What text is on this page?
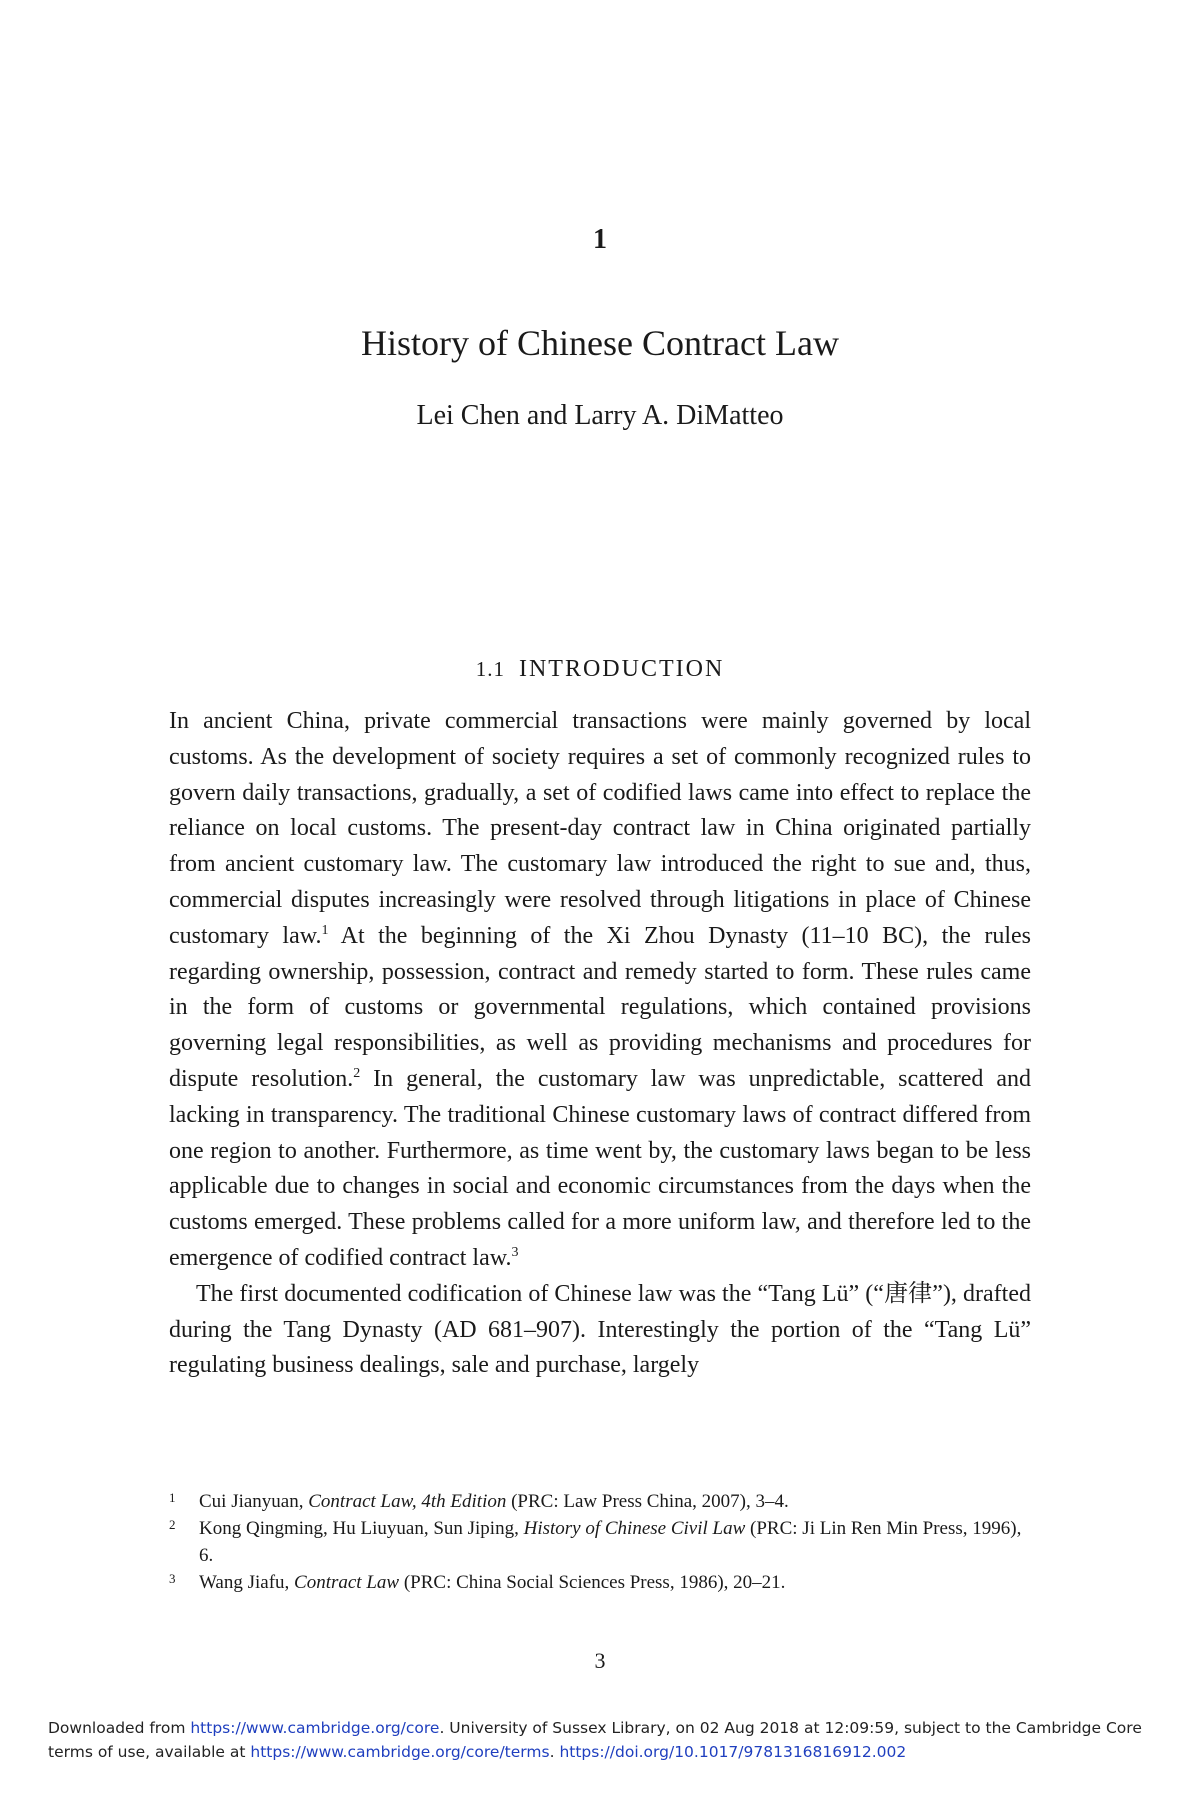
1
History of Chinese Contract Law
Lei Chen and Larry A. DiMatteo
1.1 INTRODUCTION

In ancient China, private commercial transactions were mainly governed by local customs. As the development of society requires a set of commonly recognized rules to govern daily transactions, gradually, a set of codified laws came into effect to replace the reliance on local customs. The present-day contract law in China originated partially from ancient customary law. The customary law introduced the right to sue and, thus, commercial disputes increasingly were resolved through litigations in place of Chinese customary law.$^1$ At the beginning of the Xi Zhou Dynasty (11–10 BC), the rules regarding ownership, possession, contract and remedy started to form. These rules came in the form of customs or governmental regulations, which contained provisions governing legal responsibilities, as well as providing mechanisms and procedures for dispute resolution.$^2$ In general, the customary law was unpredictable, scattered and lacking in transparency. The traditional Chinese customary laws of contract differed from one region to another. Furthermore, as time went by, the customary laws began to be less applicable due to changes in social and economic circumstances from the days when the customs emerged. These problems called for a more uniform law, and therefore led to the emergence of codified contract law.$^3$

The first documented codification of Chinese law was the “Tang Lü” (“唐律”), drafted during the Tang Dynasty (AD 681–907). Interestingly the portion of the “Tang Lü” regulating business dealings, sale and purchase, largely

1 Cui Jianyuan, Contract Law, 4th Edition (PRC: Law Press China, 2007), 3–4.
2 Kong Qingming, Hu Liuyuan, Sun Jiping, History of Chinese Civil Law (PRC: Ji Lin Ren Min Press, 1996), 6.
3 Wang Jiafu, Contract Law (PRC: China Social Sciences Press, 1986), 20–21.
3
Downloaded from https://www.cambridge.org/core. University of Sussex Library, on 02 Aug 2018 at 12:09:59, subject to the Cambridge Core terms of use, available at https://www.cambridge.org/core/terms. https://doi.org/10.1017/9781316816912.002
